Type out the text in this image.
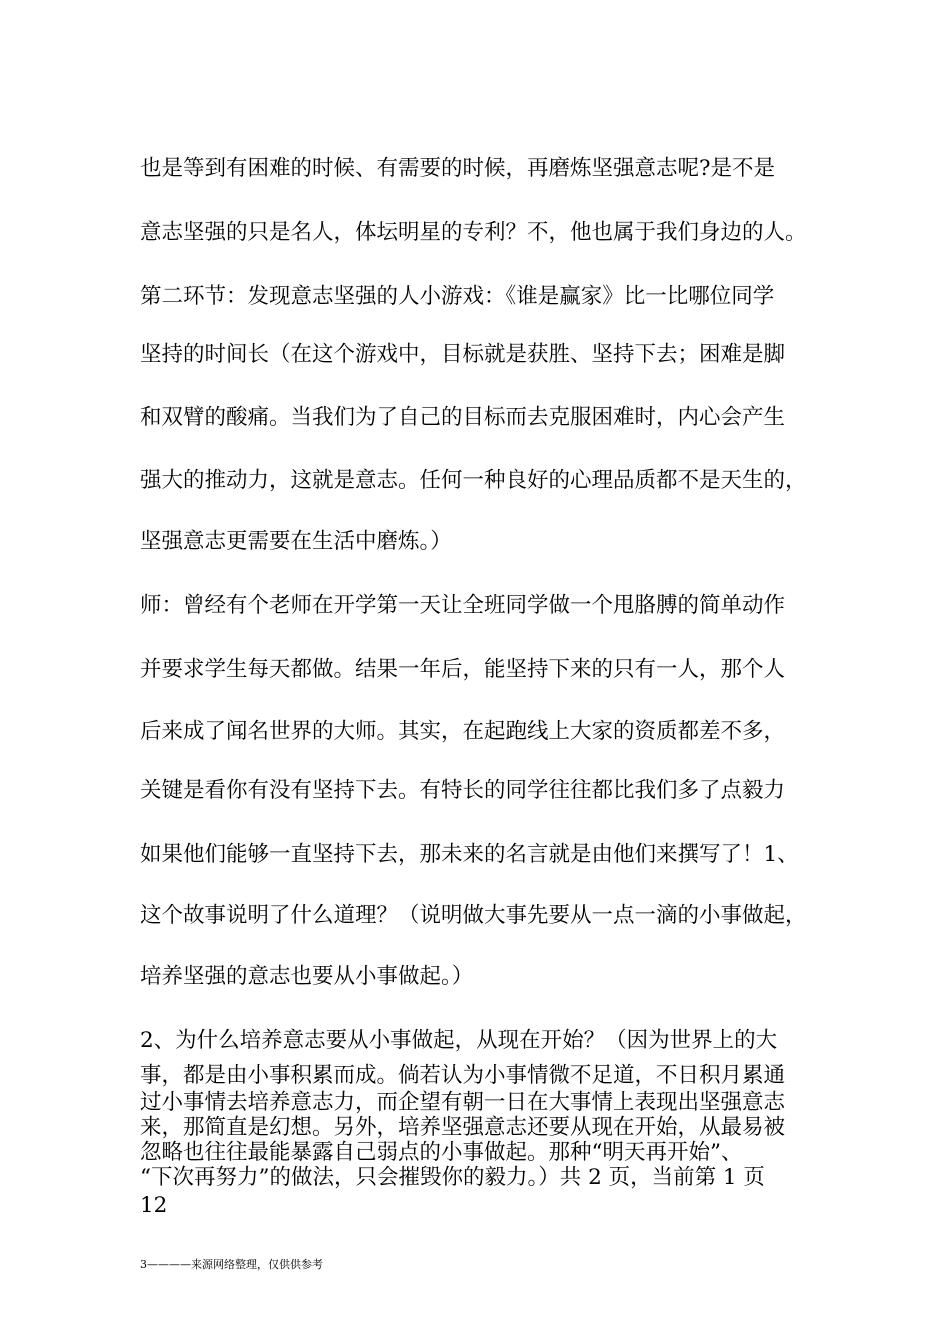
也是等到有困难的时候、有需要的时候，再磨炼坚强意志呢?是不是
意志坚强的只是名人，体坛明星的专利？不，他也属于我们身边的人。
第二环节：发现意志坚强的人小游戏：《谁是赢家》比一比哪位同学
坚持的时间长（在这个游戏中，目标就是获胜、坚持下去；困难是脚
和双臂的酸痛。当我们为了自己的目标而去克服困难时，内心会产生
强大的推动力，这就是意志。任何一种良好的心理品质都不是天生的，
坚强意志更需要在生活中磨炼。）
师：曾经有个老师在开学第一天让全班同学做一个甩胳膊的简单动作
并要求学生每天都做。结果一年后，能坚持下来的只有一人，那个人
后来成了闻名世界的大师。其实，在起跑线上大家的资质都差不多，
关键是看你有没有坚持下去。有特长的同学往往都比我们多了点毅力
如果他们能够一直坚持下去，那未来的名言就是由他们来撰写了！1、
这个故事说明了什么道理？（说明做大事先要从一点一滴的小事做起，
培养坚强的意志也要从小事做起。）
2、为什么培养意志要从小事做起，从现在开始？（因为世界上的大
事，都是由小事积累而成。倘若认为小事情微不足道，不日积月累通
过小事情去培养意志力，而企望有朝一日在大事情上表现出坚强意志
来，那简直是幻想。另外，培养坚强意志还要从现在开始，从最易被
忽略也往往最能暴露自己弱点的小事做起。那种“明天再开始”、
“下次再努力”的做法，只会摧毁你的毅力。）共 2 页，当前第 1 页
12
3————来源网络整理，仅供供参考
